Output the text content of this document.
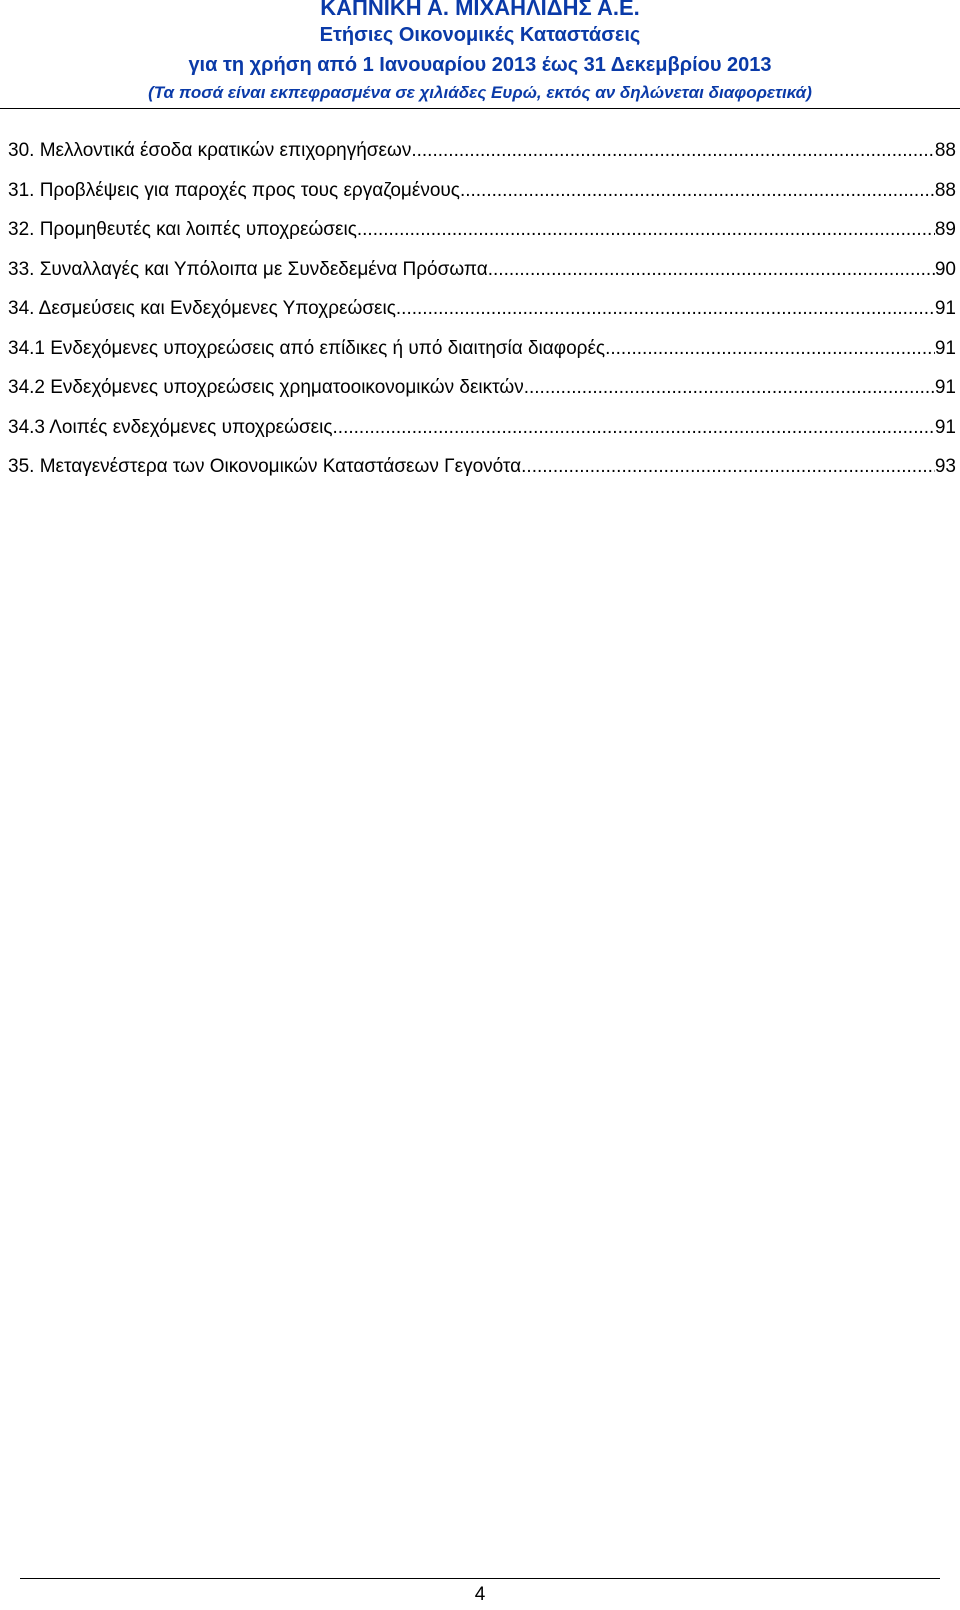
ΚΑΠΝΙΚΗ Α. ΜΙΧΑΗΛΙΔΗΣ Α.Ε.
Ετήσιες Οικονομικές Καταστάσεις
για τη χρήση από 1 Ιανουαρίου 2013 έως 31 Δεκεμβρίου 2013
(Τα ποσά είναι εκπεφρασμένα σε χιλιάδες Ευρώ, εκτός αν δηλώνεται διαφορετικά)
30. Μελλοντικά έσοδα κρατικών επιχορηγήσεων .....	88
31. Προβλέψεις για παροχές προς τους εργαζομένους .....	88
32. Προμηθευτές και λοιπές υποχρεώσεις .....	89
33. Συναλλαγές και Υπόλοιπα με Συνδεδεμένα Πρόσωπα .....	90
34. Δεσμεύσεις και Ενδεχόμενες Υποχρεώσεις .....	91
34.1 Ενδεχόμενες υποχρεώσεις από επίδικες ή υπό διαιτησία διαφορές .....	91
34.2 Ενδεχόμενες υποχρεώσεις χρηματοοικονομικών δεικτών .....	91
34.3 Λοιπές ενδεχόμενες υποχρεώσεις .....	91
35. Μεταγενέστερα των Οικονομικών Καταστάσεων Γεγονότα .....	93
4
